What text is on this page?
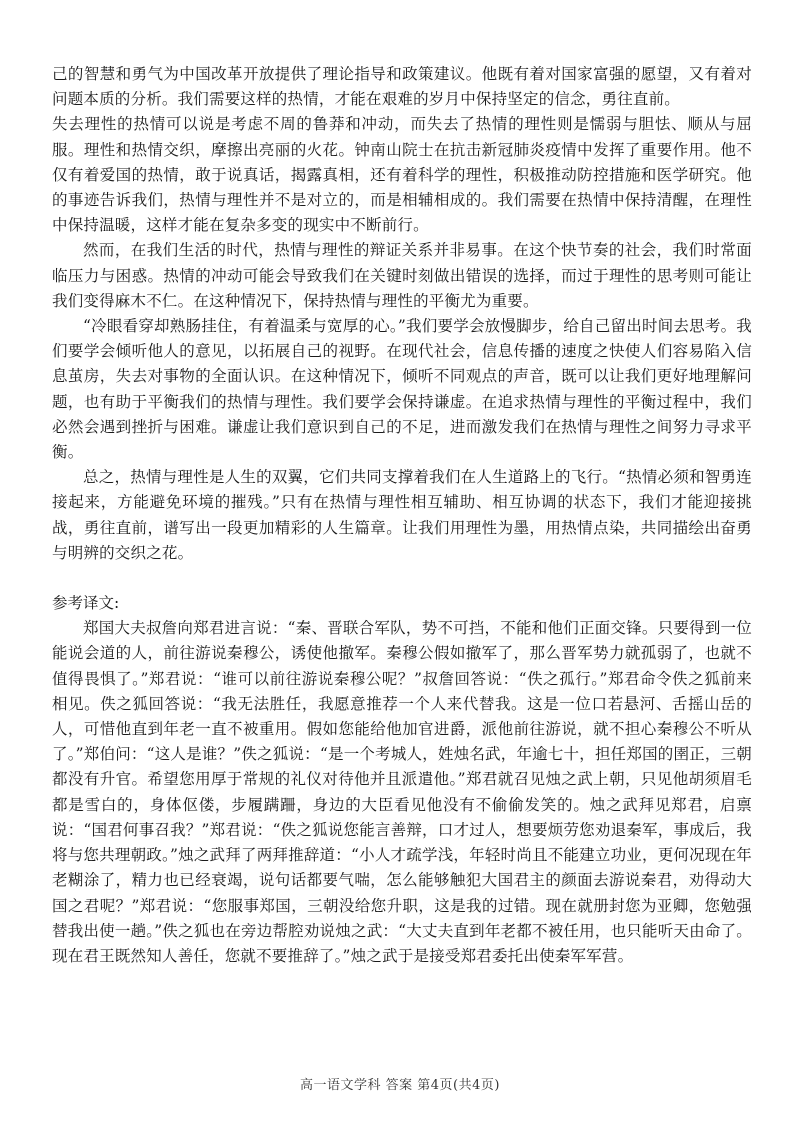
己的智慧和勇气为中国改革开放提供了理论指导和政策建议。他既有着对国家富强的愿望，又有着对问题本质的分析。我们需要这样的热情，才能在艰难的岁月中保持坚定的信念，勇往直前。

失去理性的热情可以说是考虑不周的鲁莽和冲动，而失去了热情的理性则是懦弱与胆怯、顺从与屈服。理性和热情交织，摩擦出亮丽的火花。钟南山院士在抗击新冠肺炎疫情中发挥了重要作用。他不仅有着爱国的热情，敢于说真话，揭露真相，还有着科学的理性，积极推动防控措施和医学研究。他的事迹告诉我们，热情与理性并不是对立的，而是相辅相成的。我们需要在热情中保持清醒，在理性中保持温暖，这样才能在复杂多变的现实中不断前行。

然而，在我们生活的时代，热情与理性的辩证关系并非易事。在这个快节奏的社会，我们时常面临压力与困惑。热情的冲动可能会导致我们在关键时刻做出错误的选择，而过于理性的思考则可能让我们变得麻木不仁。在这种情况下，保持热情与理性的平衡尤为重要。

“冷眼看穿却熟肠挂住，有着温柔与宽厚的心。”我们要学会放慢脚步，给自己留出时间去思考。我们要学会倾听他人的意见，以拓展自己的视野。在现代社会，信息传播的速度之快使人们容易陷入信息茧房，失去对事物的全面认识。在这种情况下，倾听不同观点的声音，既可以让我们更好地理解问题，也有助于平衡我们的热情与理性。我们要学会保持谦虚。在追求热情与理性的平衡过程中，我们必然会遇到挫折与困难。谦虚让我们意识到自己的不足，进而激发我们在热情与理性之间努力寻求平衡。

总之，热情与理性是人生的双翼，它们共同支撑着我们在人生道路上的飞行。“热情必须和智勇连接起来，方能避免环境的摧残。”只有在热情与理性相互辅助、相互协调的状态下，我们才能迎接挑战，勇往直前，谱写出一段更加精彩的人生篇章。让我们用理性为墨，用热情点染，共同描绘出奋勇与明辨的交织之花。

参考译文:

郑国大夫叔詹向郑君进言说：“秦、晋联合军队，势不可挡，不能和他们正面交锋。只要得到一位能说会道的人，前往游说秦穆公，诱使他撤军。秦穆公假如撤军了，那么晋军势力就孤弱了，也就不值得畏惧了。”郑君说：“谁可以前往游说秦穆公呢？”叔詹回答说：“佚之孤行。”郑君命令佚之狐前来相见。佚之狐回答说：“我无法胜任，我愿意推荐一个人来代替我。这是一位口若悬河、舌摇山岳的人，可惜他直到年老一直不被重用。假如您能给他加官进爵，派他前往游说，就不担心秦穆公不听从了。”郑伯问：“这人是谁？”佚之狐说：“是一个考城人，姓烛名武，年逾七十，担任郑国的圉正，三朝都没有升官。希望您用厚于常规的礼仪对待他并且派遣他。”郑君就召见烛之武上朝，只见他胡须眉毛都是雪白的，身体伛偻，步履蹒跚，身边的大臣看见他没有不偷偷发笑的。烛之武拜见郑君，启禀说：“国君何事召我？”郑君说：“佚之狐说您能言善辩，口才过人，想要烦劳您劝退秦军，事成后，我将与您共理朝政。”烛之武拜了两拜推辞道：“小人才疏学浅，年轻时尚且不能建立功业，更何况现在年老糊涂了，精力也已经衰竭，说句话都要气喘，怎么能够触犯大国君主的颜面去游说秦君，劝得动大国之君呢？”郑君说：“您服事郑国，三朝没给您升职，这是我的过错。现在就册封您为亚卿，您勉强替我出使一趟。”佚之狐也在旁边帮腔劝说烛之武：“大丈夫直到年老都不被任用，也只能听天由命了。现在君王既然知人善任，您就不要推辞了。”烛之武于是接受郑君委托出使秦军军营。

高一语文学科 答案 第4页(共4页)
